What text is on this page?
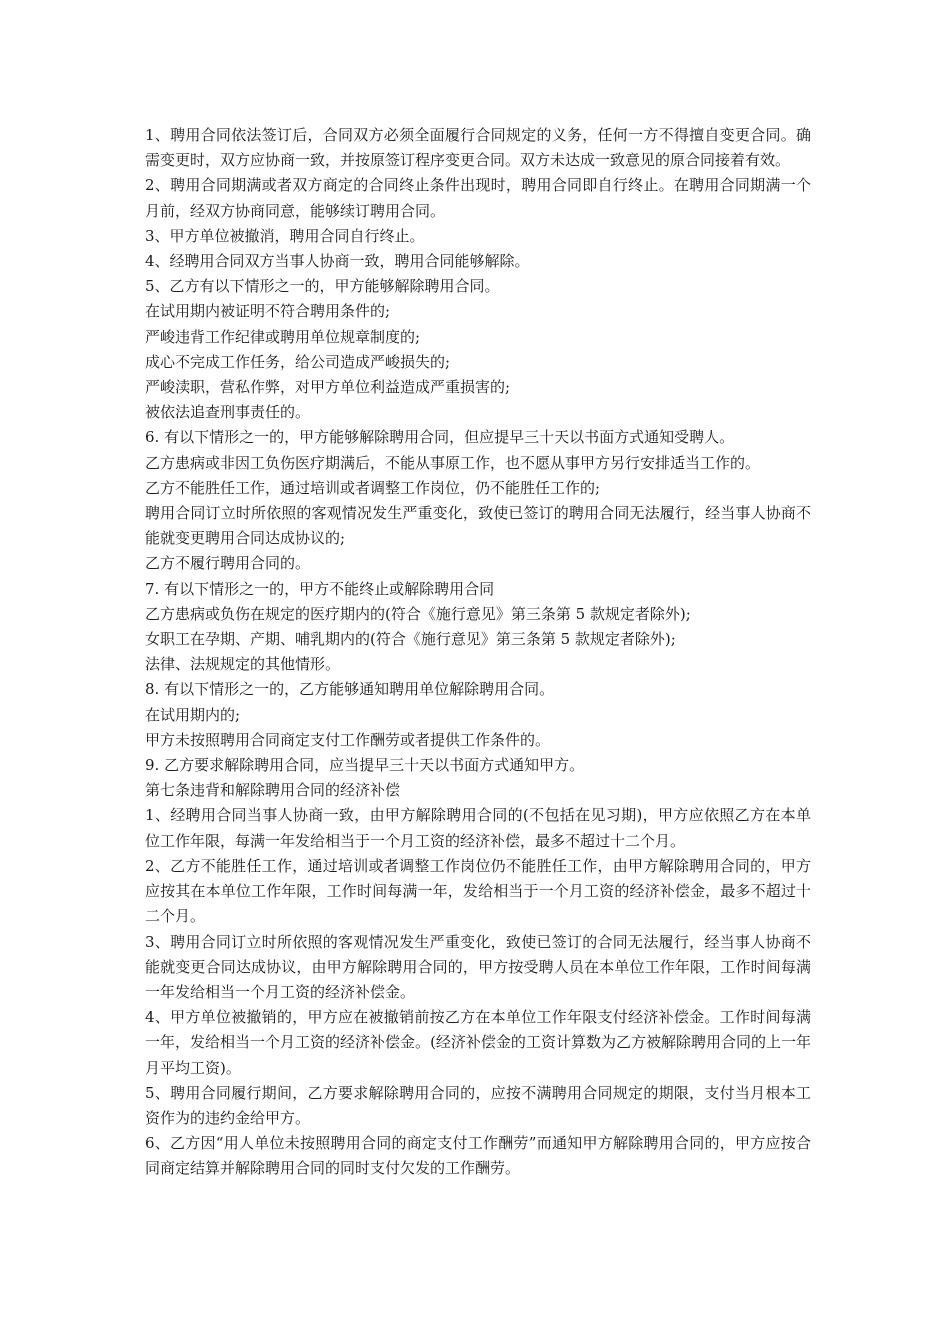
1、聘用合同依法签订后，合同双方必须全面履行合同规定的义务，任何一方不得擅自变更合同。确需变更时，双方应协商一致，并按原签订程序变更合同。双方未达成一致意见的原合同接着有效。

2、聘用合同期满或者双方商定的合同终止条件出现时，聘用合同即自行终止。在聘用合同期满一个月前，经双方协商同意，能够续订聘用合同。

3、甲方单位被撤消，聘用合同自行终止。

4、经聘用合同双方当事人协商一致，聘用合同能够解除。

5、乙方有以下情形之一的，甲方能够解除聘用合同。

在试用期内被证明不符合聘用条件的;

严峻违背工作纪律或聘用单位规章制度的;

成心不完成工作任务，给公司造成严峻损失的;

严峻渎职，营私作弊，对甲方单位利益造成严重损害的;

被依法追查刑事责任的。

6. 有以下情形之一的，甲方能够解除聘用合同，但应提早三十天以书面方式通知受聘人。

乙方患病或非因工负伤医疗期满后，不能从事原工作，也不愿从事甲方另行安排适当工作的。

乙方不能胜任工作，通过培训或者调整工作岗位，仍不能胜任工作的;

聘用合同订立时所依照的客观情况发生严重变化，致使已签订的聘用合同无法履行，经当事人协商不能就变更聘用合同达成协议的;

乙方不履行聘用合同的。

7. 有以下情形之一的，甲方不能终止或解除聘用合同

乙方患病或负伤在规定的医疗期内的(符合《施行意见》第三条第 5 款规定者除外);

女职工在孕期、产期、哺乳期内的(符合《施行意见》第三条第 5 款规定者除外);

法律、法规规定的其他情形。

8. 有以下情形之一的，乙方能够通知聘用单位解除聘用合同。

在试用期内的;

甲方未按照聘用合同商定支付工作酬劳或者提供工作条件的。

9. 乙方要求解除聘用合同，应当提早三十天以书面方式通知甲方。

第七条违背和解除聘用合同的经济补偿

1、经聘用合同当事人协商一致，由甲方解除聘用合同的(不包括在见习期)，甲方应依照乙方在本单位工作年限，每满一年发给相当于一个月工资的经济补偿，最多不超过十二个月。

2、乙方不能胜任工作，通过培训或者调整工作岗位仍不能胜任工作，由甲方解除聘用合同的，甲方应按其在本单位工作年限，工作时间每满一年，发给相当于一个月工资的经济补偿金，最多不超过十二个月。

3、聘用合同订立时所依照的客观情况发生严重变化，致使已签订的合同无法履行，经当事人协商不能就变更合同达成协议，由甲方解除聘用合同的，甲方按受聘人员在本单位工作年限，工作时间每满一年发给相当一个月工资的经济补偿金。

4、甲方单位被撤销的，甲方应在被撤销前按乙方在本单位工作年限支付经济补偿金。工作时间每满一年，发给相当一个月工资的经济补偿金。(经济补偿金的工资计算数为乙方被解除聘用合同的上一年月平均工资)。

5、聘用合同履行期间，乙方要求解除聘用合同的，应按不满聘用合同规定的期限，支付当月根本工资作为的违约金给甲方。

6、乙方因“用人单位未按照聘用合同的商定支付工作酬劳”而通知甲方解除聘用合同的，甲方应按合同商定结算并解除聘用合同的同时支付欠发的工作酬劳。
